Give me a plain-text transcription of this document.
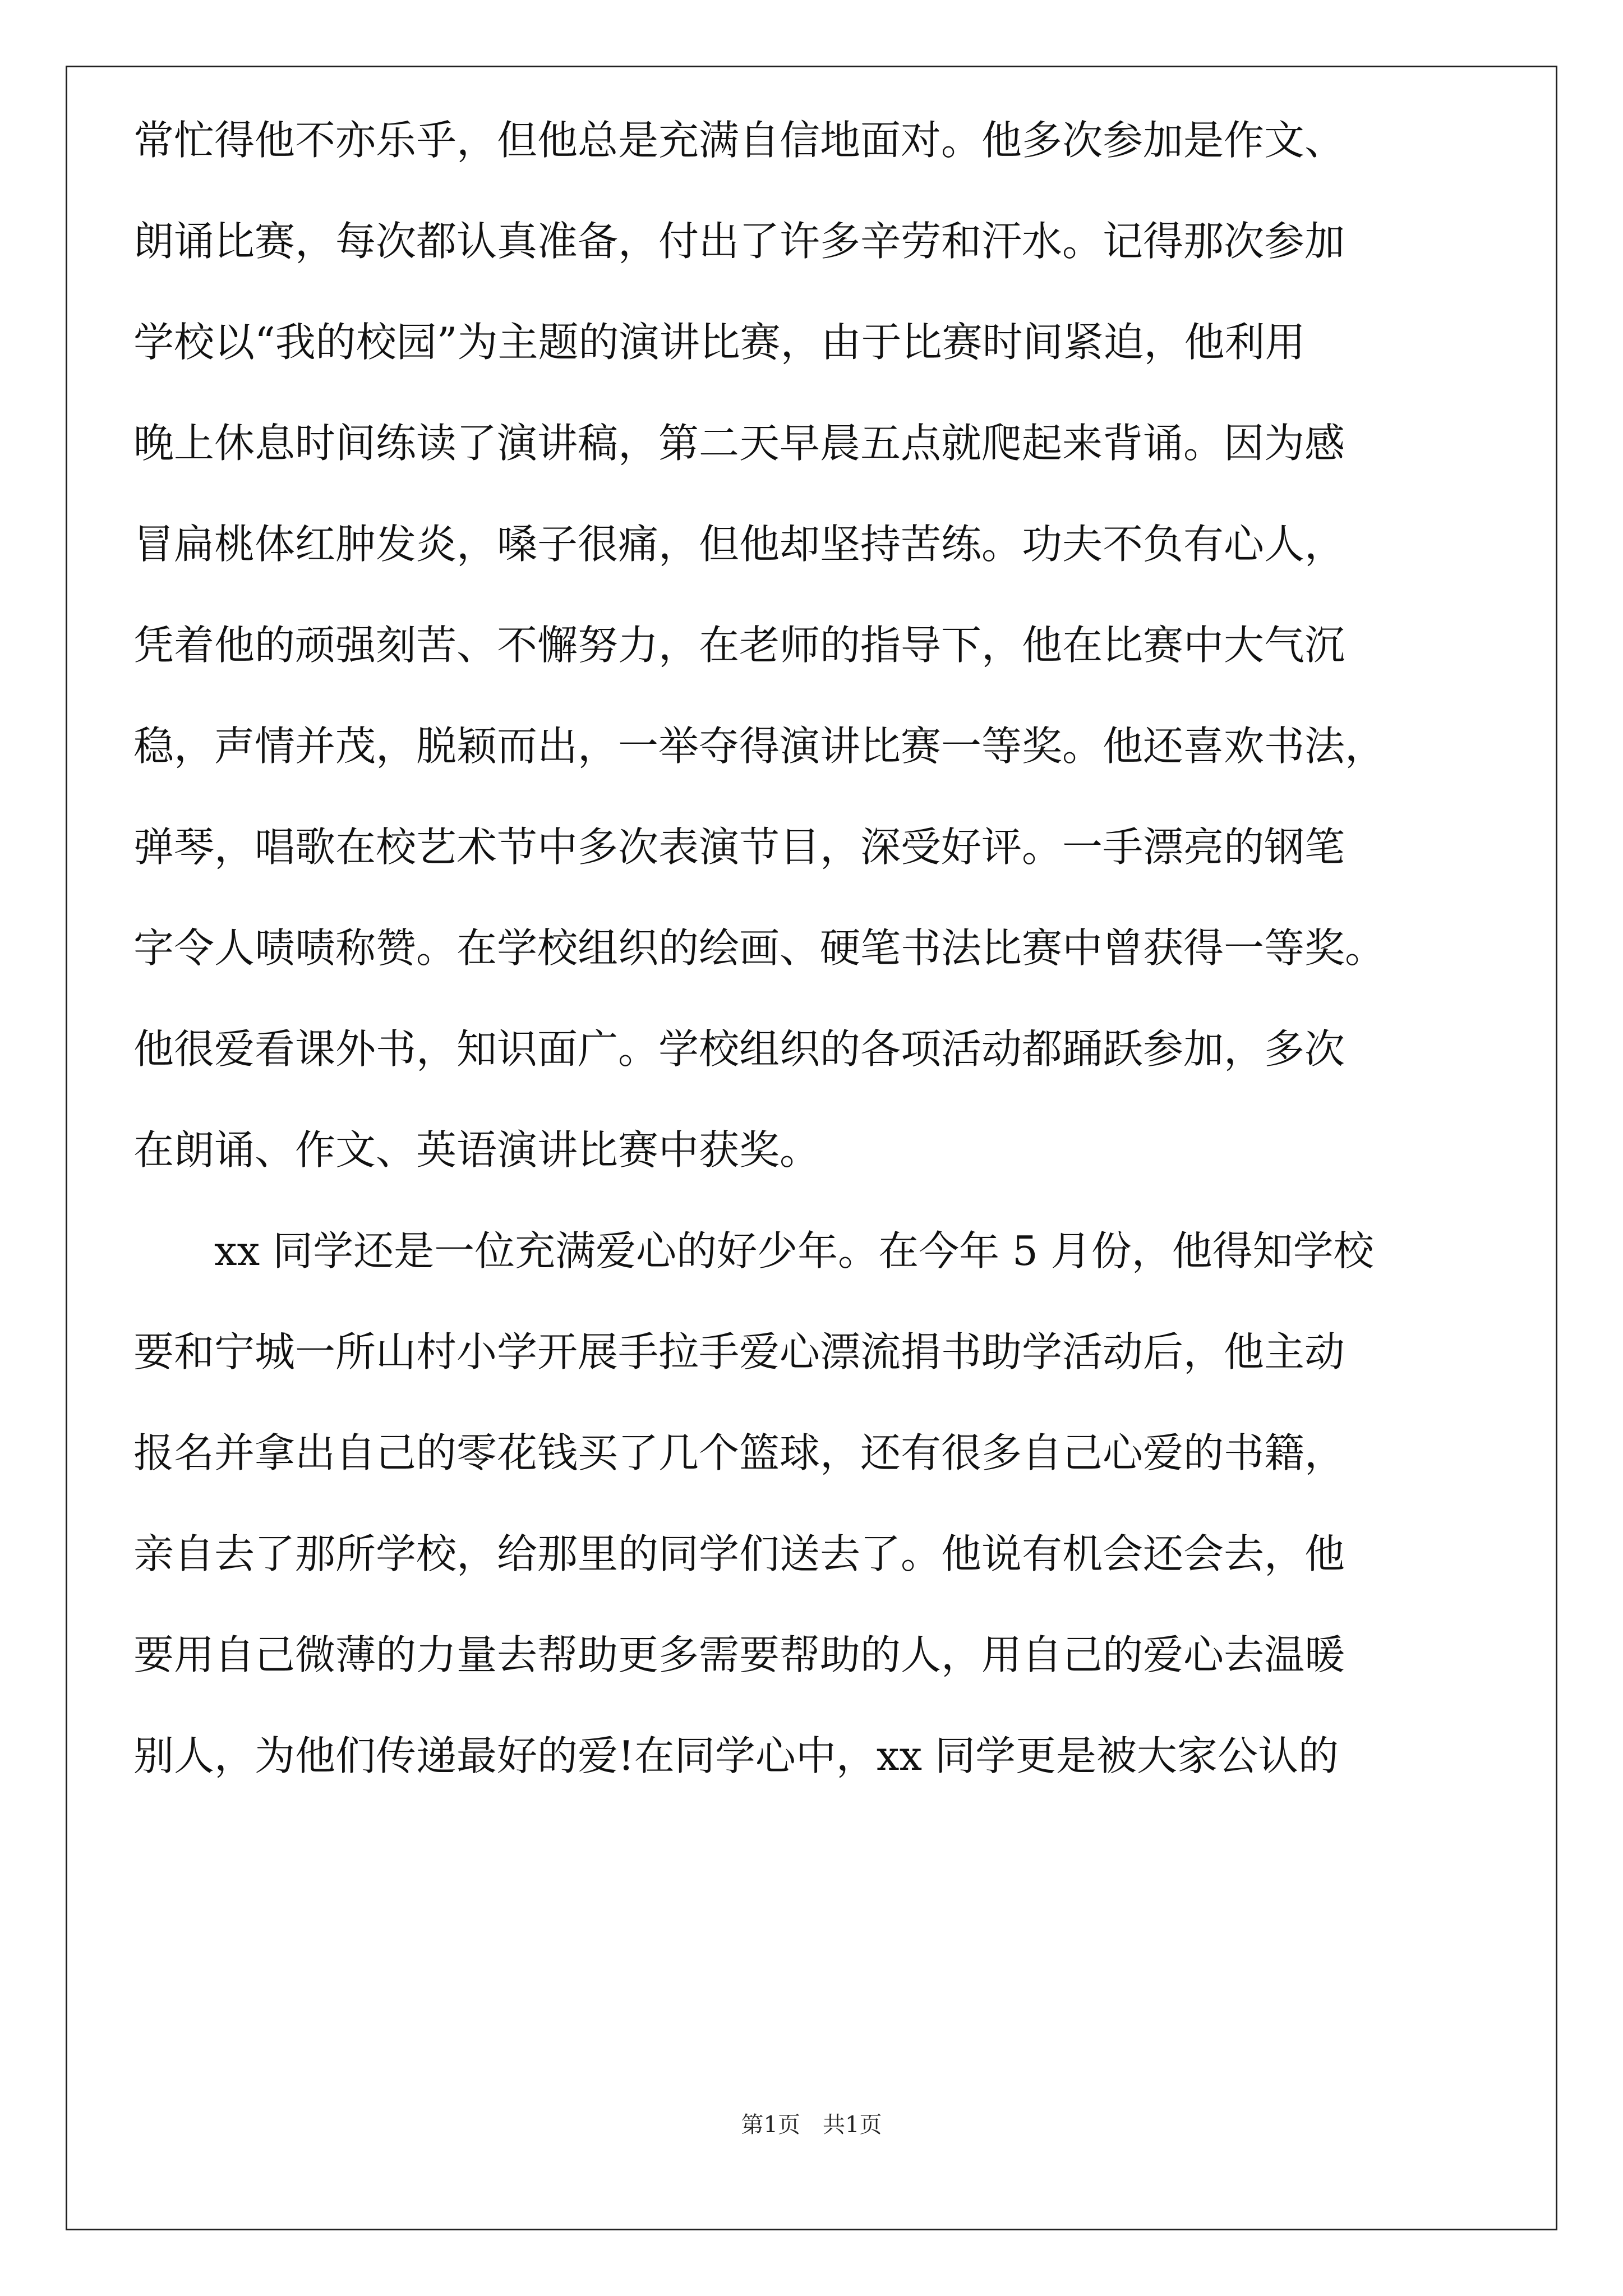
常忙得他不亦乐乎，但他总是充满自信地面对。他多次参加是作文、
朗诵比赛，每次都认真准备，付出了许多辛劳和汗水。记得那次参加
学校以“我的校园”为主题的演讲比赛，由于比赛时间紧迫，他利用
晚上休息时间练读了演讲稿，第二天早晨五点就爬起来背诵。因为感
冒扁桃体红肿发炎，嗓子很痛，但他却坚持苦练。功夫不负有心人，
凭着他的顽强刻苦、不懈努力，在老师的指导下，他在比赛中大气沉
稳，声情并茂，脱颖而出，一举夺得演讲比赛一等奖。他还喜欢书法，
弹琴，唱歌在校艺术节中多次表演节目，深受好评。一手漂亮的钢笔
字令人啧啧称赞。在学校组织的绘画、硬笔书法比赛中曾获得一等奖。
他很爱看课外书，知识面广。学校组织的各项活动都踊跃参加，多次
在朗诵、作文、英语演讲比赛中获奖。
xx 同学还是一位充满爱心的好少年。在今年 5 月份，他得知学校
要和宁城一所山村小学开展手拉手爱心漂流捐书助学活动后，他主动
报名并拿出自己的零花钱买了几个篮球，还有很多自己心爱的书籍，
亲自去了那所学校，给那里的同学们送去了。他说有机会还会去，他
要用自己微薄的力量去帮助更多需要帮助的人，用自己的爱心去温暖
别人，为他们传递最好的爱!在同学心中，xx 同学更是被大家公认的
第1页　共1页
